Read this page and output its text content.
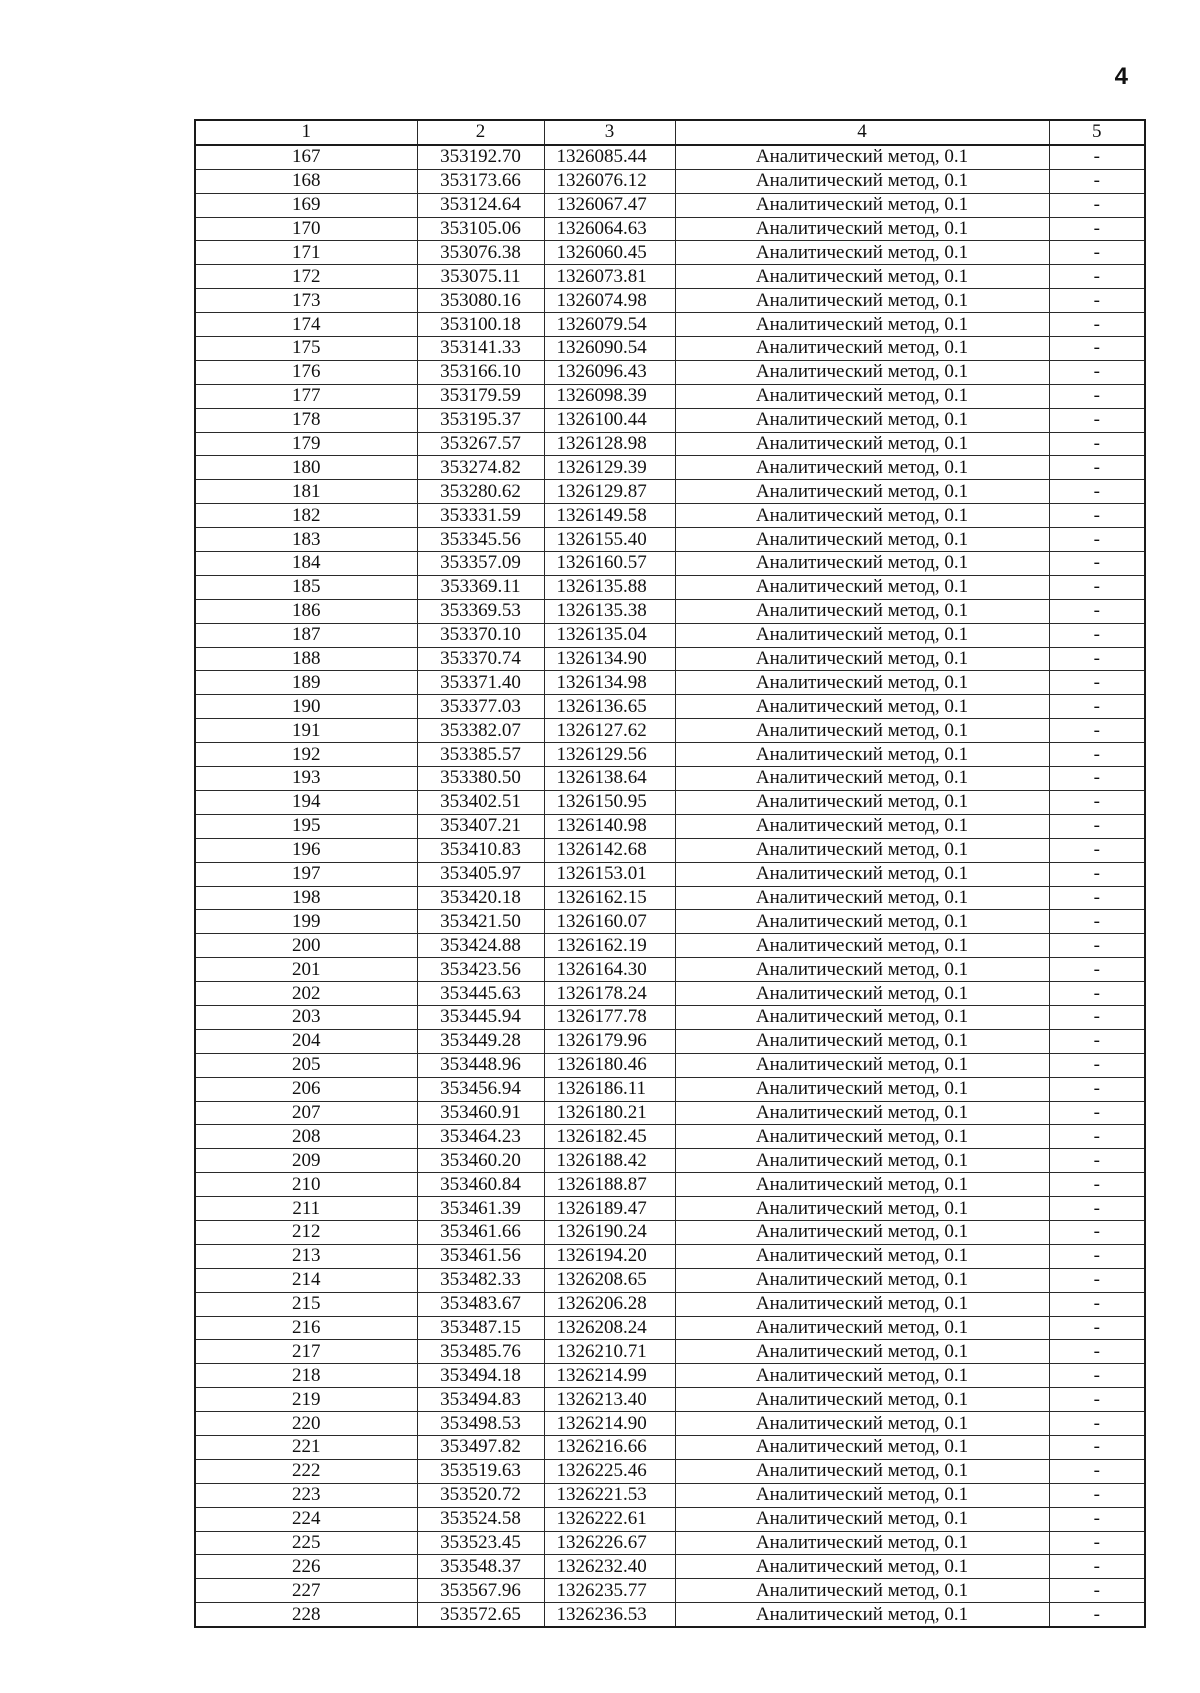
4
1	2	3	4	5
167	353192.70	1326085.44	Аналитический метод, 0.1	-
168	353173.66	1326076.12	Аналитический метод, 0.1	-
169	353124.64	1326067.47	Аналитический метод, 0.1	-
170	353105.06	1326064.63	Аналитический метод, 0.1	-
171	353076.38	1326060.45	Аналитический метод, 0.1	-
172	353075.11	1326073.81	Аналитический метод, 0.1	-
173	353080.16	1326074.98	Аналитический метод, 0.1	-
174	353100.18	1326079.54	Аналитический метод, 0.1	-
175	353141.33	1326090.54	Аналитический метод, 0.1	-
176	353166.10	1326096.43	Аналитический метод, 0.1	-
177	353179.59	1326098.39	Аналитический метод, 0.1	-
178	353195.37	1326100.44	Аналитический метод, 0.1	-
179	353267.57	1326128.98	Аналитический метод, 0.1	-
180	353274.82	1326129.39	Аналитический метод, 0.1	-
181	353280.62	1326129.87	Аналитический метод, 0.1	-
182	353331.59	1326149.58	Аналитический метод, 0.1	-
183	353345.56	1326155.40	Аналитический метод, 0.1	-
184	353357.09	1326160.57	Аналитический метод, 0.1	-
185	353369.11	1326135.88	Аналитический метод, 0.1	-
186	353369.53	1326135.38	Аналитический метод, 0.1	-
187	353370.10	1326135.04	Аналитический метод, 0.1	-
188	353370.74	1326134.90	Аналитический метод, 0.1	-
189	353371.40	1326134.98	Аналитический метод, 0.1	-
190	353377.03	1326136.65	Аналитический метод, 0.1	-
191	353382.07	1326127.62	Аналитический метод, 0.1	-
192	353385.57	1326129.56	Аналитический метод, 0.1	-
193	353380.50	1326138.64	Аналитический метод, 0.1	-
194	353402.51	1326150.95	Аналитический метод, 0.1	-
195	353407.21	1326140.98	Аналитический метод, 0.1	-
196	353410.83	1326142.68	Аналитический метод, 0.1	-
197	353405.97	1326153.01	Аналитический метод, 0.1	-
198	353420.18	1326162.15	Аналитический метод, 0.1	-
199	353421.50	1326160.07	Аналитический метод, 0.1	-
200	353424.88	1326162.19	Аналитический метод, 0.1	-
201	353423.56	1326164.30	Аналитический метод, 0.1	-
202	353445.63	1326178.24	Аналитический метод, 0.1	-
203	353445.94	1326177.78	Аналитический метод, 0.1	-
204	353449.28	1326179.96	Аналитический метод, 0.1	-
205	353448.96	1326180.46	Аналитический метод, 0.1	-
206	353456.94	1326186.11	Аналитический метод, 0.1	-
207	353460.91	1326180.21	Аналитический метод, 0.1	-
208	353464.23	1326182.45	Аналитический метод, 0.1	-
209	353460.20	1326188.42	Аналитический метод, 0.1	-
210	353460.84	1326188.87	Аналитический метод, 0.1	-
211	353461.39	1326189.47	Аналитический метод, 0.1	-
212	353461.66	1326190.24	Аналитический метод, 0.1	-
213	353461.56	1326194.20	Аналитический метод, 0.1	-
214	353482.33	1326208.65	Аналитический метод, 0.1	-
215	353483.67	1326206.28	Аналитический метод, 0.1	-
216	353487.15	1326208.24	Аналитический метод, 0.1	-
217	353485.76	1326210.71	Аналитический метод, 0.1	-
218	353494.18	1326214.99	Аналитический метод, 0.1	-
219	353494.83	1326213.40	Аналитический метод, 0.1	-
220	353498.53	1326214.90	Аналитический метод, 0.1	-
221	353497.82	1326216.66	Аналитический метод, 0.1	-
222	353519.63	1326225.46	Аналитический метод, 0.1	-
223	353520.72	1326221.53	Аналитический метод, 0.1	-
224	353524.58	1326222.61	Аналитический метод, 0.1	-
225	353523.45	1326226.67	Аналитический метод, 0.1	-
226	353548.37	1326232.40	Аналитический метод, 0.1	-
227	353567.96	1326235.77	Аналитический метод, 0.1	-
228	353572.65	1326236.53	Аналитический метод, 0.1	-
